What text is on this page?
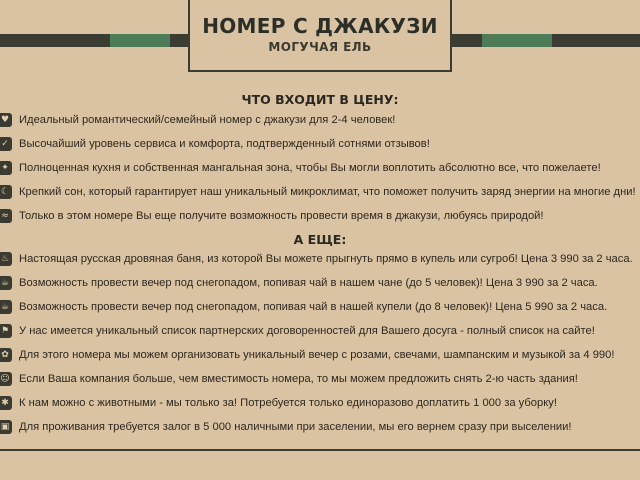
НОМЕР С ДЖАКУЗИ
МОГУЧАЯ ЕЛЬ
ЧТО ВХОДИТ В ЦЕНУ:
♥ Идеальный романтический/семейный номер с джакузи для 2-4 человек!
✓ Высочайший уровень сервиса и комфорта, подтвержденный сотнями отзывов!
✦ Полноценная кухня и собственная мангальная зона, чтобы Вы могли воплотить абсолютно все, что пожелаете!
☾ Крепкий сон, который гарантирует наш уникальный микроклимат, что поможет получить заряд энергии на многие дни!
≈ Только в этом номере Вы еще получите возможность провести время в джакузи, любуясь природой!
А ЕЩЕ:
♨ Настоящая русская дровяная баня, из которой Вы можете прыгнуть прямо в купель или сугроб! Цена 3 990 за 2 часа.
☕ Возможность провести вечер под снегопадом, попивая чай в нашем чане (до 5 человек)! Цена 3 990 за 2 часа.
☕ Возможность провести вечер под снегопадом, попивая чай в нашей купели (до 8 человек)! Цена 5 990 за 2 часа.
⚑ У нас имеется уникальный список партнерских договоренностей для Вашего досуга - полный список на сайте!
✿ Для этого номера мы можем организовать уникальный вечер с розами, свечами, шампанским и музыкой за 4 990!
☺ Если Ваша компания больше, чем вместимость номера, то мы можем предложить снять 2-ю часть здания!
✱ К нам можно с животными - мы только за! Потребуется только единоразово доплатить 1 000 за уборку!
▣ Для проживания требуется залог в 5 000 наличными при заселении, мы его вернем сразу при выселении!
